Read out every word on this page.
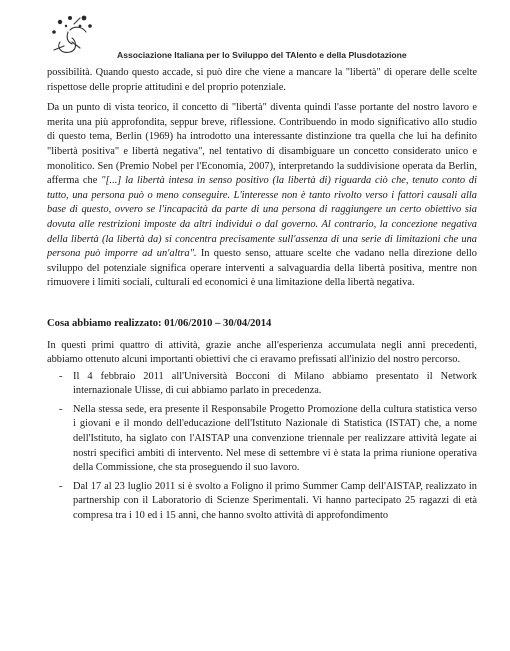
Associazione Italiana per lo Sviluppo del TAlento e della Plusdotazione

possibilità. Quando questo accade, si può dire che viene a mancare la "libertà" di operare delle scelte rispettose delle proprie attitudini e del proprio potenziale.

Da un punto di vista teorico, il concetto di "libertà" diventa quindi l'asse portante del nostro lavoro e merita una più approfondita, seppur breve, riflessione. Contribuendo in modo significativo allo studio di questo tema, Berlin (1969) ha introdotto una interessante distinzione tra quella che lui ha definito "libertà positiva" e libertà negativa", nel tentativo di disambiguare un concetto considerato unico e monolitico. Sen (Premio Nobel per l'Economia, 2007), interpretando la suddivisione operata da Berlin, afferma che "[...] la libertà intesa in senso positivo (la libertà di) riguarda ciò che, tenuto conto di tutto, una persona può o meno conseguire. L'interesse non è tanto rivolto verso i fattori causali alla base di questo, ovvero se l'incapacità da parte di una persona di raggiungere un certo obiettivo sia dovuta alle restrizioni imposte da altri individui o dal governo. Al contrario, la concezione negativa della libertà (la libertà da) si concentra precisamente sull'assenza di una serie di limitazioni che una persona può imporre ad un'altra". In questo senso, attuare scelte che vadano nella direzione dello sviluppo del potenziale significa operare interventi a salvaguardia della libertà positiva, mentre non rimuovere i limiti sociali, culturali ed economici è una limitazione della libertà negativa.

Cosa abbiamo realizzato: 01/06/2010 – 30/04/2014

In questi primi quattro di attività, grazie anche all'esperienza accumulata negli anni precedenti, abbiamo ottenuto alcuni importanti obiettivi che ci eravamo prefissati all'inizio del nostro percorso.

- Il 4 febbraio 2011 all'Università Bocconi di Milano abbiamo presentato il Network internazionale Ulisse, di cui abbiamo parlato in precedenza.
- Nella stessa sede, era presente il Responsabile Progetto Promozione della cultura statistica verso i giovani e il mondo dell'educazione dell'Istituto Nazionale di Statistica (ISTAT) che, a nome dell'Istituto, ha siglato con l'AISTAP una convenzione triennale per realizzare attività legate ai nostri specifici ambiti di intervento. Nel mese di settembre vi è stata la prima riunione operativa della Commissione, che sta proseguendo il suo lavoro.
- Dal 17 al 23 luglio 2011 si è svolto a Foligno il primo Summer Camp dell'AISTAP, realizzato in partnership con il Laboratorio di Scienze Sperimentali. Vi hanno partecipato 25 ragazzi di età compresa tra i 10 ed i 15 anni, che hanno svolto attività di approfondimento
